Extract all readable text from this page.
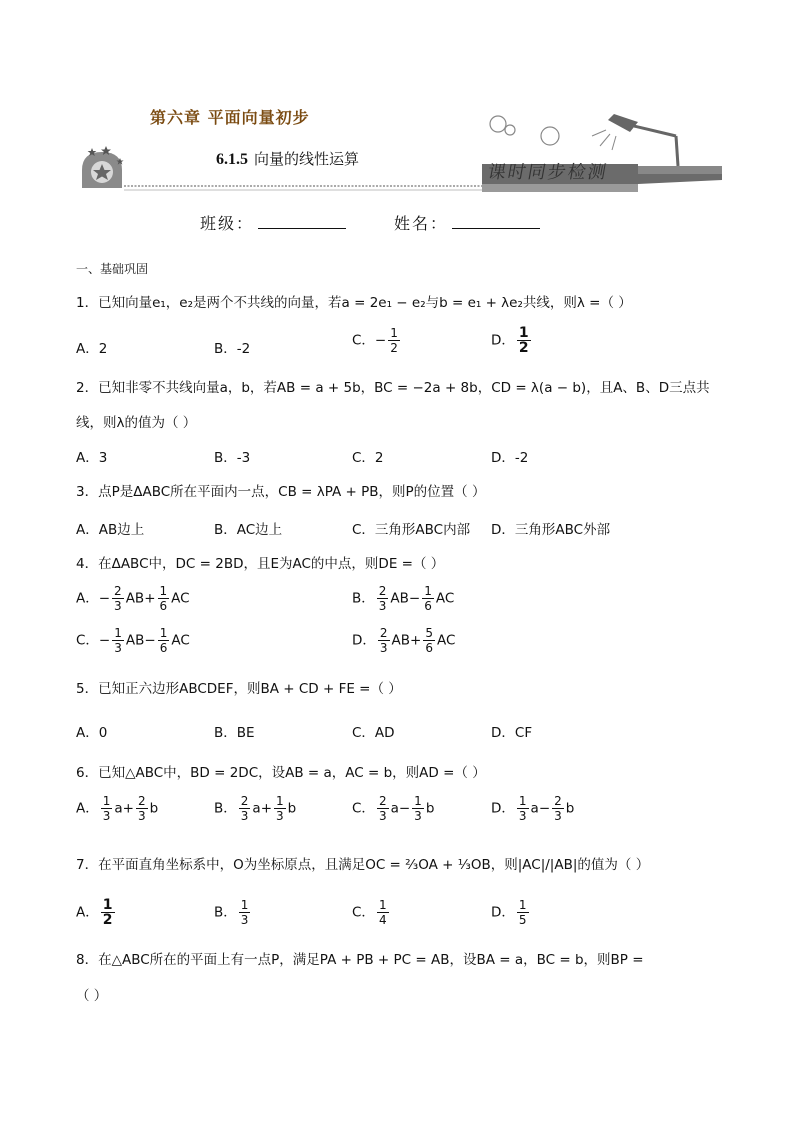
第六章 平面向量初步
6.1.5 向量的线性运算
课时同步检测
班级：	姓名：
一、基础巩固
1．已知向量e₁，e₂是两个不共线的向量，若a = 2e₁ − e₂与b = e₁ + λe₂共线，则λ =（ ）
A．2	B．-2
C．− $\frac{1}{2}$	D． $\frac{1}{2}$
2．已知非零不共线向量a，b，若AB = a + 5b，BC = −2a + 8b，CD = λ(a − b)，且A、B、D三点共
线，则λ的值为（ ）
A．3	B．-3	C．2	D．-2
3．点P是ΔABC所在平面内一点，CB = λPA + PB，则P的位置（ ）
A．AB边上	B．AC边上	C．三角形ABC内部 D．三角形ABC外部
4．在ΔABC中，DC = 2BD，且E为AC的中点，则DE =（ ）
A．− $\frac{2}{3} AB+ \frac{1}{6}$ AC	B． $\frac{2}{3} AB- \frac{1}{6}$ AC
C．− $\frac{1}{3} AB- \frac{1}{6}$ AC	D． $\frac{2}{3} AB+ \frac{5}{6}$ AC
5．已知正六边形ABCDEF，则BA + CD + FE =（ ）
A．0	B．BE	C．AD	D．CF
6．已知△ABC中，BD = 2DC，设AB = a，AC = b，则AD =（ ）
A． $\frac{1}{3} a+ \frac{2}{3}$ b	B． $\frac{2}{3} a+ \frac{1}{3}$ b	C． $\frac{2}{3} a- \frac{1}{3}$ b	D． $\frac{1}{3} a- \frac{2}{3}$ b
7．在平面直角坐标系中，O为坐标原点，且满足OC = ⅔OA + ⅓OB，则|AC|/|AB|的值为（ ）
A． $\frac{1}{2}$	B． $\frac{1}{3}$	C． $\frac{1}{4}$	D． $\frac{1}{5}$
8．在△ABC所在的平面上有一点P，满足PA + PB + PC = AB，设BA = a，BC = b，则BP =
（ ）
